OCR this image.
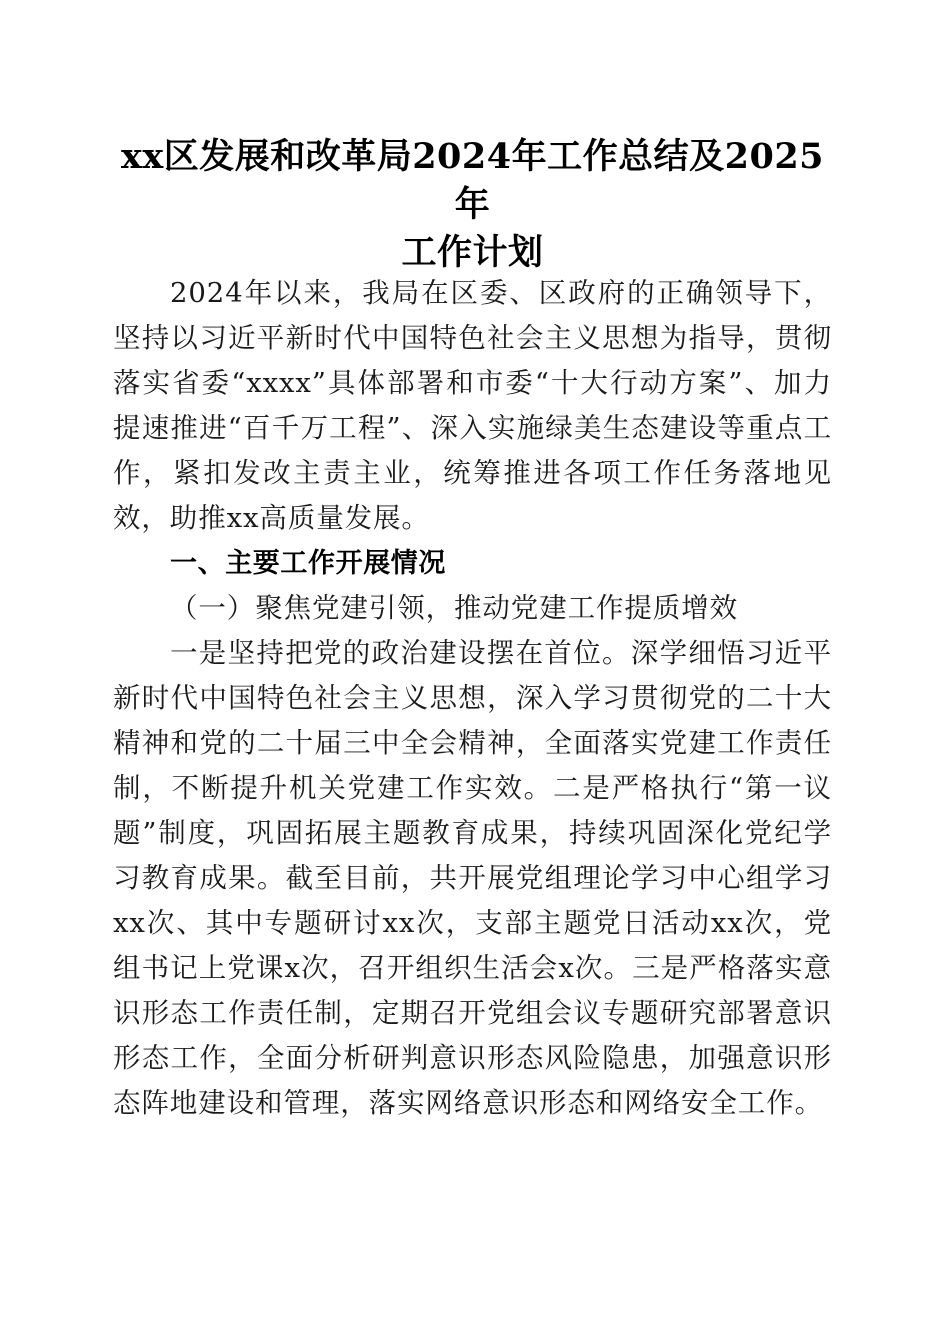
xx区发展和改革局2024年工作总结及2025年
工作计划

2024年以来，我局在区委、区政府的正确领导下，坚持以习近平新时代中国特色社会主义思想为指导，贯彻落实省委“xxxx”具体部署和市委“十大行动方案”、加力提速推进“百千万工程”、深入实施绿美生态建设等重点工作，紧扣发改主责主业，统筹推进各项工作任务落地见效，助推xx高质量发展。

一、主要工作开展情况

（一）聚焦党建引领，推动党建工作提质增效

一是坚持把党的政治建设摆在首位。深学细悟习近平新时代中国特色社会主义思想，深入学习贯彻党的二十大精神和党的二十届三中全会精神，全面落实党建工作责任制，不断提升机关党建工作实效。二是严格执行“第一议题”制度，巩固拓展主题教育成果，持续巩固深化党纪学习教育成果。截至目前，共开展党组理论学习中心组学习xx次、其中专题研讨xx次，支部主题党日活动xx次，党组书记上党课x次，召开组织生活会x次。三是严格落实意识形态工作责任制，定期召开党组会议专题研究部署意识形态工作，全面分析研判意识形态风险隐患，加强意识形态阵地建设和管理，落实网络意识形态和网络安全工作。
